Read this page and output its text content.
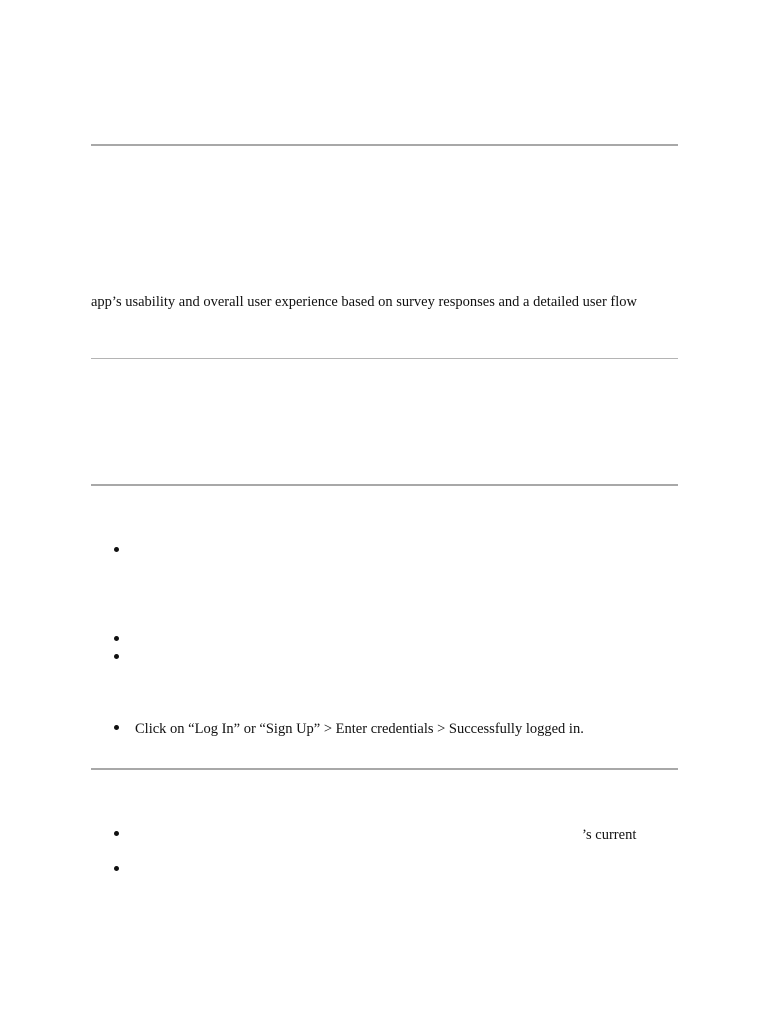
app’s usability and overall user experience based on survey responses and a detailed user flow
Click on “Log In” or “Sign Up” > Enter credentials > Successfully logged in.
’s current
